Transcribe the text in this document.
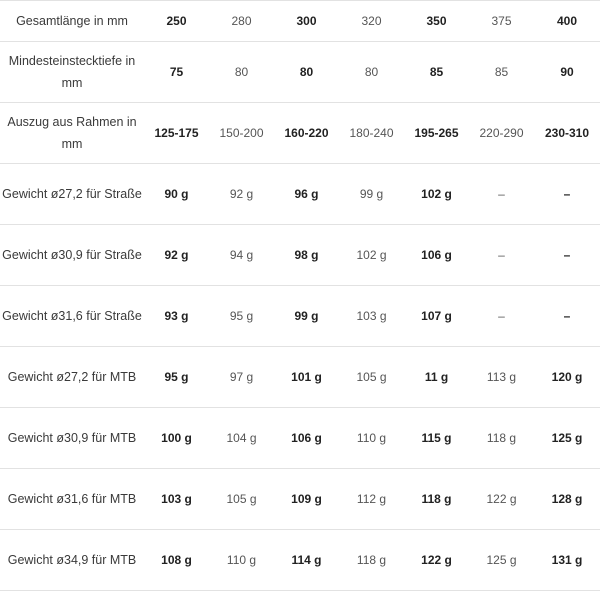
Gesamtlänge in mm	250	280	300	320	350	375	400
Mindesteinstecktiefe in mm	75	80	80	80	85	85	90
Auszug aus Rahmen in mm	125-175	150-200	160-220	180-240	195-265	220-290	230-310
Gewicht ø27,2 für Straße	90 g	92 g	96 g	99 g	102 g	–	–
Gewicht ø30,9 für Straße	92 g	94 g	98 g	102 g	106 g	–	–
Gewicht ø31,6 für Straße	93 g	95 g	99 g	103 g	107 g	–	–
Gewicht ø27,2 für MTB	95 g	97 g	101 g	105 g	11 g	113 g	120 g
Gewicht ø30,9 für MTB	100 g	104 g	106 g	110 g	115 g	118 g	125 g
Gewicht ø31,6 für MTB	103 g	105 g	109 g	112 g	118 g	122 g	128 g
Gewicht ø34,9 für MTB	108 g	110 g	114 g	118 g	122 g	125 g	131 g
